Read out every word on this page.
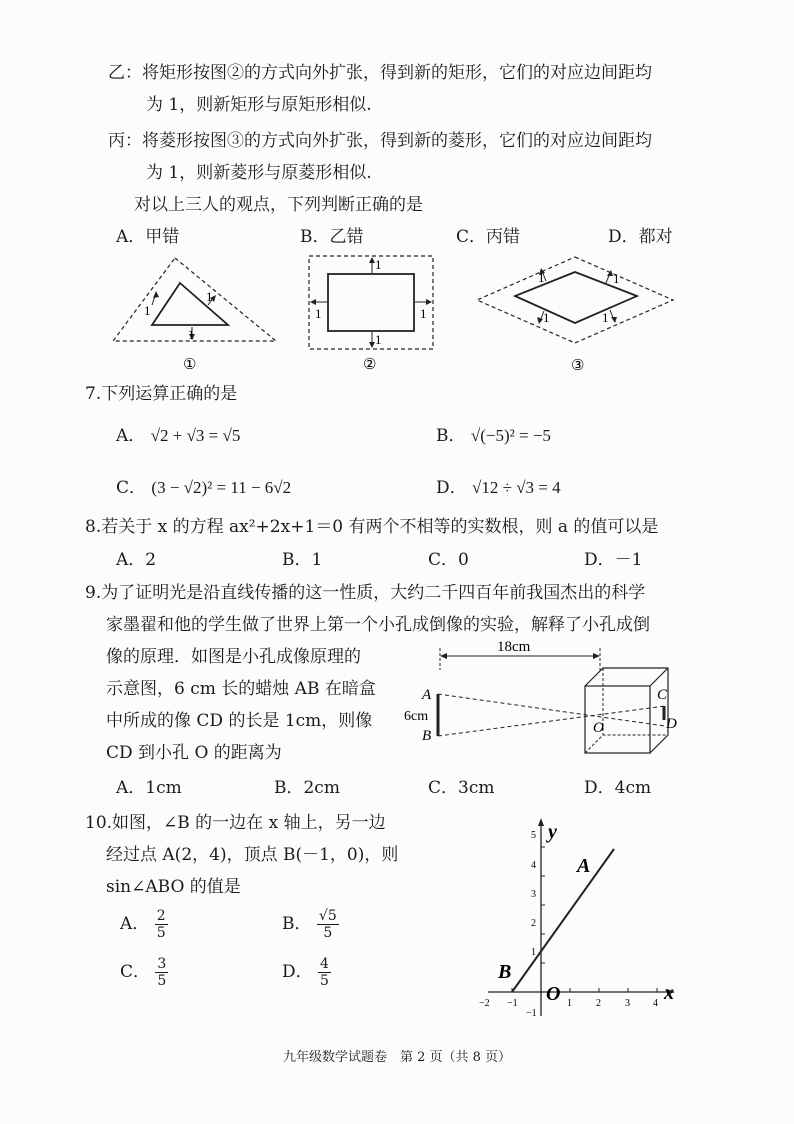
乙：将矩形按图②的方式向外扩张，得到新的矩形，它们的对应边间距均
为 1，则新矩形与原矩形相似.
丙：将菱形按图③的方式向外扩张，得到新的菱形，它们的对应边间距均
为 1，则新菱形与原菱形相似.
对以上三人的观点，下列判断正确的是
A．甲错	B．乙错	C．丙错	D．都对
1
1
1
①
1
1
1	1
②
1	1
1	1
③
7.下列运算正确的是
A． √2 + √3 = √5	B． √(−5)² = −5
C． (3 − √2)² = 11 − 6√2	D． √12 ÷ √3 = 4
8.若关于 x 的方程 ax²+2x+1＝0 有两个不相等的实数根，则 a 的值可以是
A．2	B．1	C．0	D．－1
9.为了证明光是沿直线传播的这一性质，大约二千四百年前我国杰出的科学
家墨翟和他的学生做了世界上第一个小孔成倒像的实验，解释了小孔成倒
像的原理．如图是小孔成像原理的
示意图，6 cm 长的蜡烛 AB 在暗盒
中所成的像 CD 的长是 1cm，则像
CD 到小孔 O 的距离为
18cm
A
B
6cm
C
D
O
A．1cm	B．2cm	C．3cm	D．4cm
10.如图，∠B 的一边在 x 轴上，另一边
经过点 A(2，4)，顶点 B(－1，0)，则
sin∠ABO 的值是
A． $\frac{2}{5}$	B． $\frac{√5}{5}$
C． $\frac{3}{5}$	D． $\frac{4}{5}$
−2 −1	1 2 3 4
5
4
3
2
1
−1
x
y
A
B
O
九年级数学试题卷　第 2 页（共 8 页）
